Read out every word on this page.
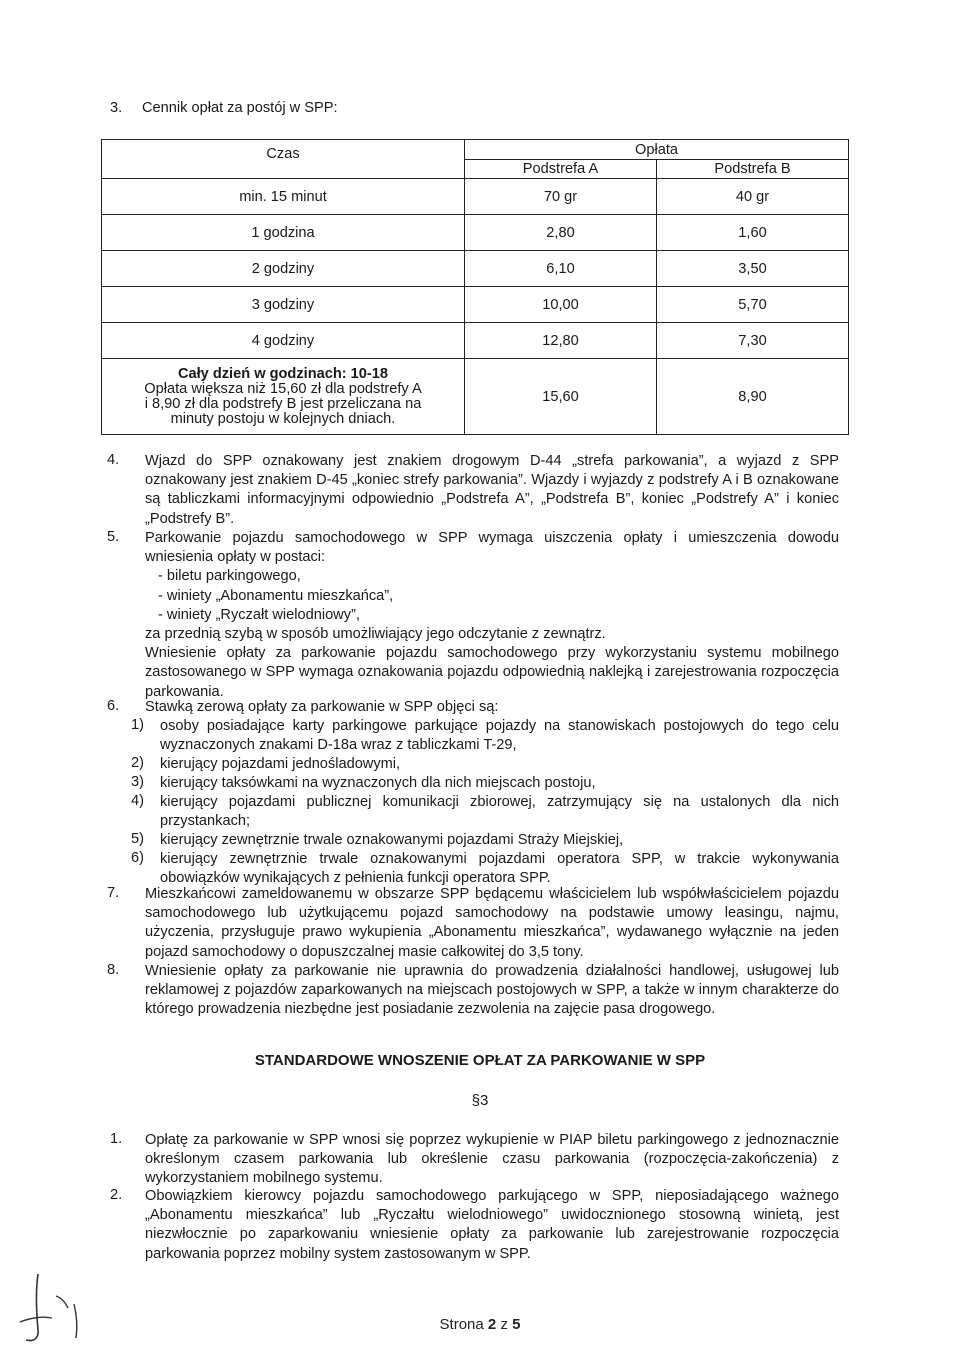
3. Cennik opłat za postój w SPP:
Czas	Opłata	
	Podstrefa A	Podstrefa B
min. 15 minut	70 gr	40 gr
1 godzina	2,80	1,60
2 godziny	6,10	3,50
3 godziny	10,00	5,70
4 godziny	12,80	7,30

Cały dzień w godzinach: 10-18
Opłata większa niż 15,60 zł dla podstrefy A
i 8,90 zł dla podstrefy B jest przeliczana na
minuty postoju w kolejnych dniach.	15,60	8,90
4. Wjazd do SPP oznakowany jest znakiem drogowym D-44 „strefa parkowania”, a wyjazd z SPP oznakowany jest znakiem D-45 „koniec strefy parkowania”. Wjazdy i wyjazdy z podstrefy A i B oznakowane są tabliczkami informacyjnymi odpowiednio „Podstrefa A”, „Podstrefa B”, koniec „Podstrefy A” i koniec „Podstrefy B”.
5. Parkowanie pojazdu samochodowego w SPP wymaga uiszczenia opłaty i umieszczenia dowodu wniesienia opłaty w postaci:

- biletu parkingowego,

- winiety „Abonamentu mieszkańca”,

- winiety „Ryczałt wielodniowy”,

za przednią szybą w sposób umożliwiający jego odczytanie z zewnątrz.

Wniesienie opłaty za parkowanie pojazdu samochodowego przy wykorzystaniu systemu mobilnego zastosowanego w SPP wymaga oznakowania pojazdu odpowiednią naklejką i zarejestrowania rozpoczęcia parkowania.

6. Stawką zerową opłaty za parkowanie w SPP objęci są:
1) osoby posiadające karty parkingowe parkujące pojazdy na stanowiskach postojowych do tego celu wyznaczonych znakami D-18a wraz z tabliczkami T-29,
2) kierujący pojazdami jednośladowymi,
3) kierujący taksówkami na wyznaczonych dla nich miejscach postoju,
4) kierujący pojazdami publicznej komunikacji zbiorowej, zatrzymujący się na ustalonych dla nich przystankach;
5) kierujący zewnętrznie trwale oznakowanymi pojazdami Straży Miejskiej,
6) kierujący zewnętrznie trwale oznakowanymi pojazdami operatora SPP, w trakcie wykonywania obowiązków wynikających z pełnienia funkcji operatora SPP.
7. Mieszkańcowi zameldowanemu w obszarze SPP będącemu właścicielem lub współwłaścicielem pojazdu samochodowego lub użytkującemu pojazd samochodowy na podstawie umowy leasingu, najmu, użyczenia, przysługuje prawo wykupienia „Abonamentu mieszkańca”, wydawanego wyłącznie na jeden pojazd samochodowy o dopuszczalnej masie całkowitej do 3,5 tony.
8. Wniesienie opłaty za parkowanie nie uprawnia do prowadzenia działalności handlowej, usługowej lub reklamowej z pojazdów zaparkowanych na miejscach postojowych w SPP, a także w innym charakterze do którego prowadzenia niezbędne jest posiadanie zezwolenia na zajęcie pasa drogowego.
STANDARDOWE WNOSZENIE OPŁAT ZA PARKOWANIE W SPP
§3
1. Opłatę za parkowanie w SPP wnosi się poprzez wykupienie w PIAP biletu parkingowego z jednoznacznie określonym czasem parkowania lub określenie czasu parkowania (rozpoczęcia-zakończenia) z wykorzystaniem mobilnego systemu.
2. Obowiązkiem kierowcy pojazdu samochodowego parkującego w SPP, nieposiadającego ważnego „Abonamentu mieszkańca” lub „Ryczałtu wielodniowego” uwidocznionego stosowną winietą, jest niezwłocznie po zaparkowaniu wniesienie opłaty za parkowanie lub zarejestrowanie rozpoczęcia parkowania poprzez mobilny system zastosowanym w SPP.
Strona 2 z 5
